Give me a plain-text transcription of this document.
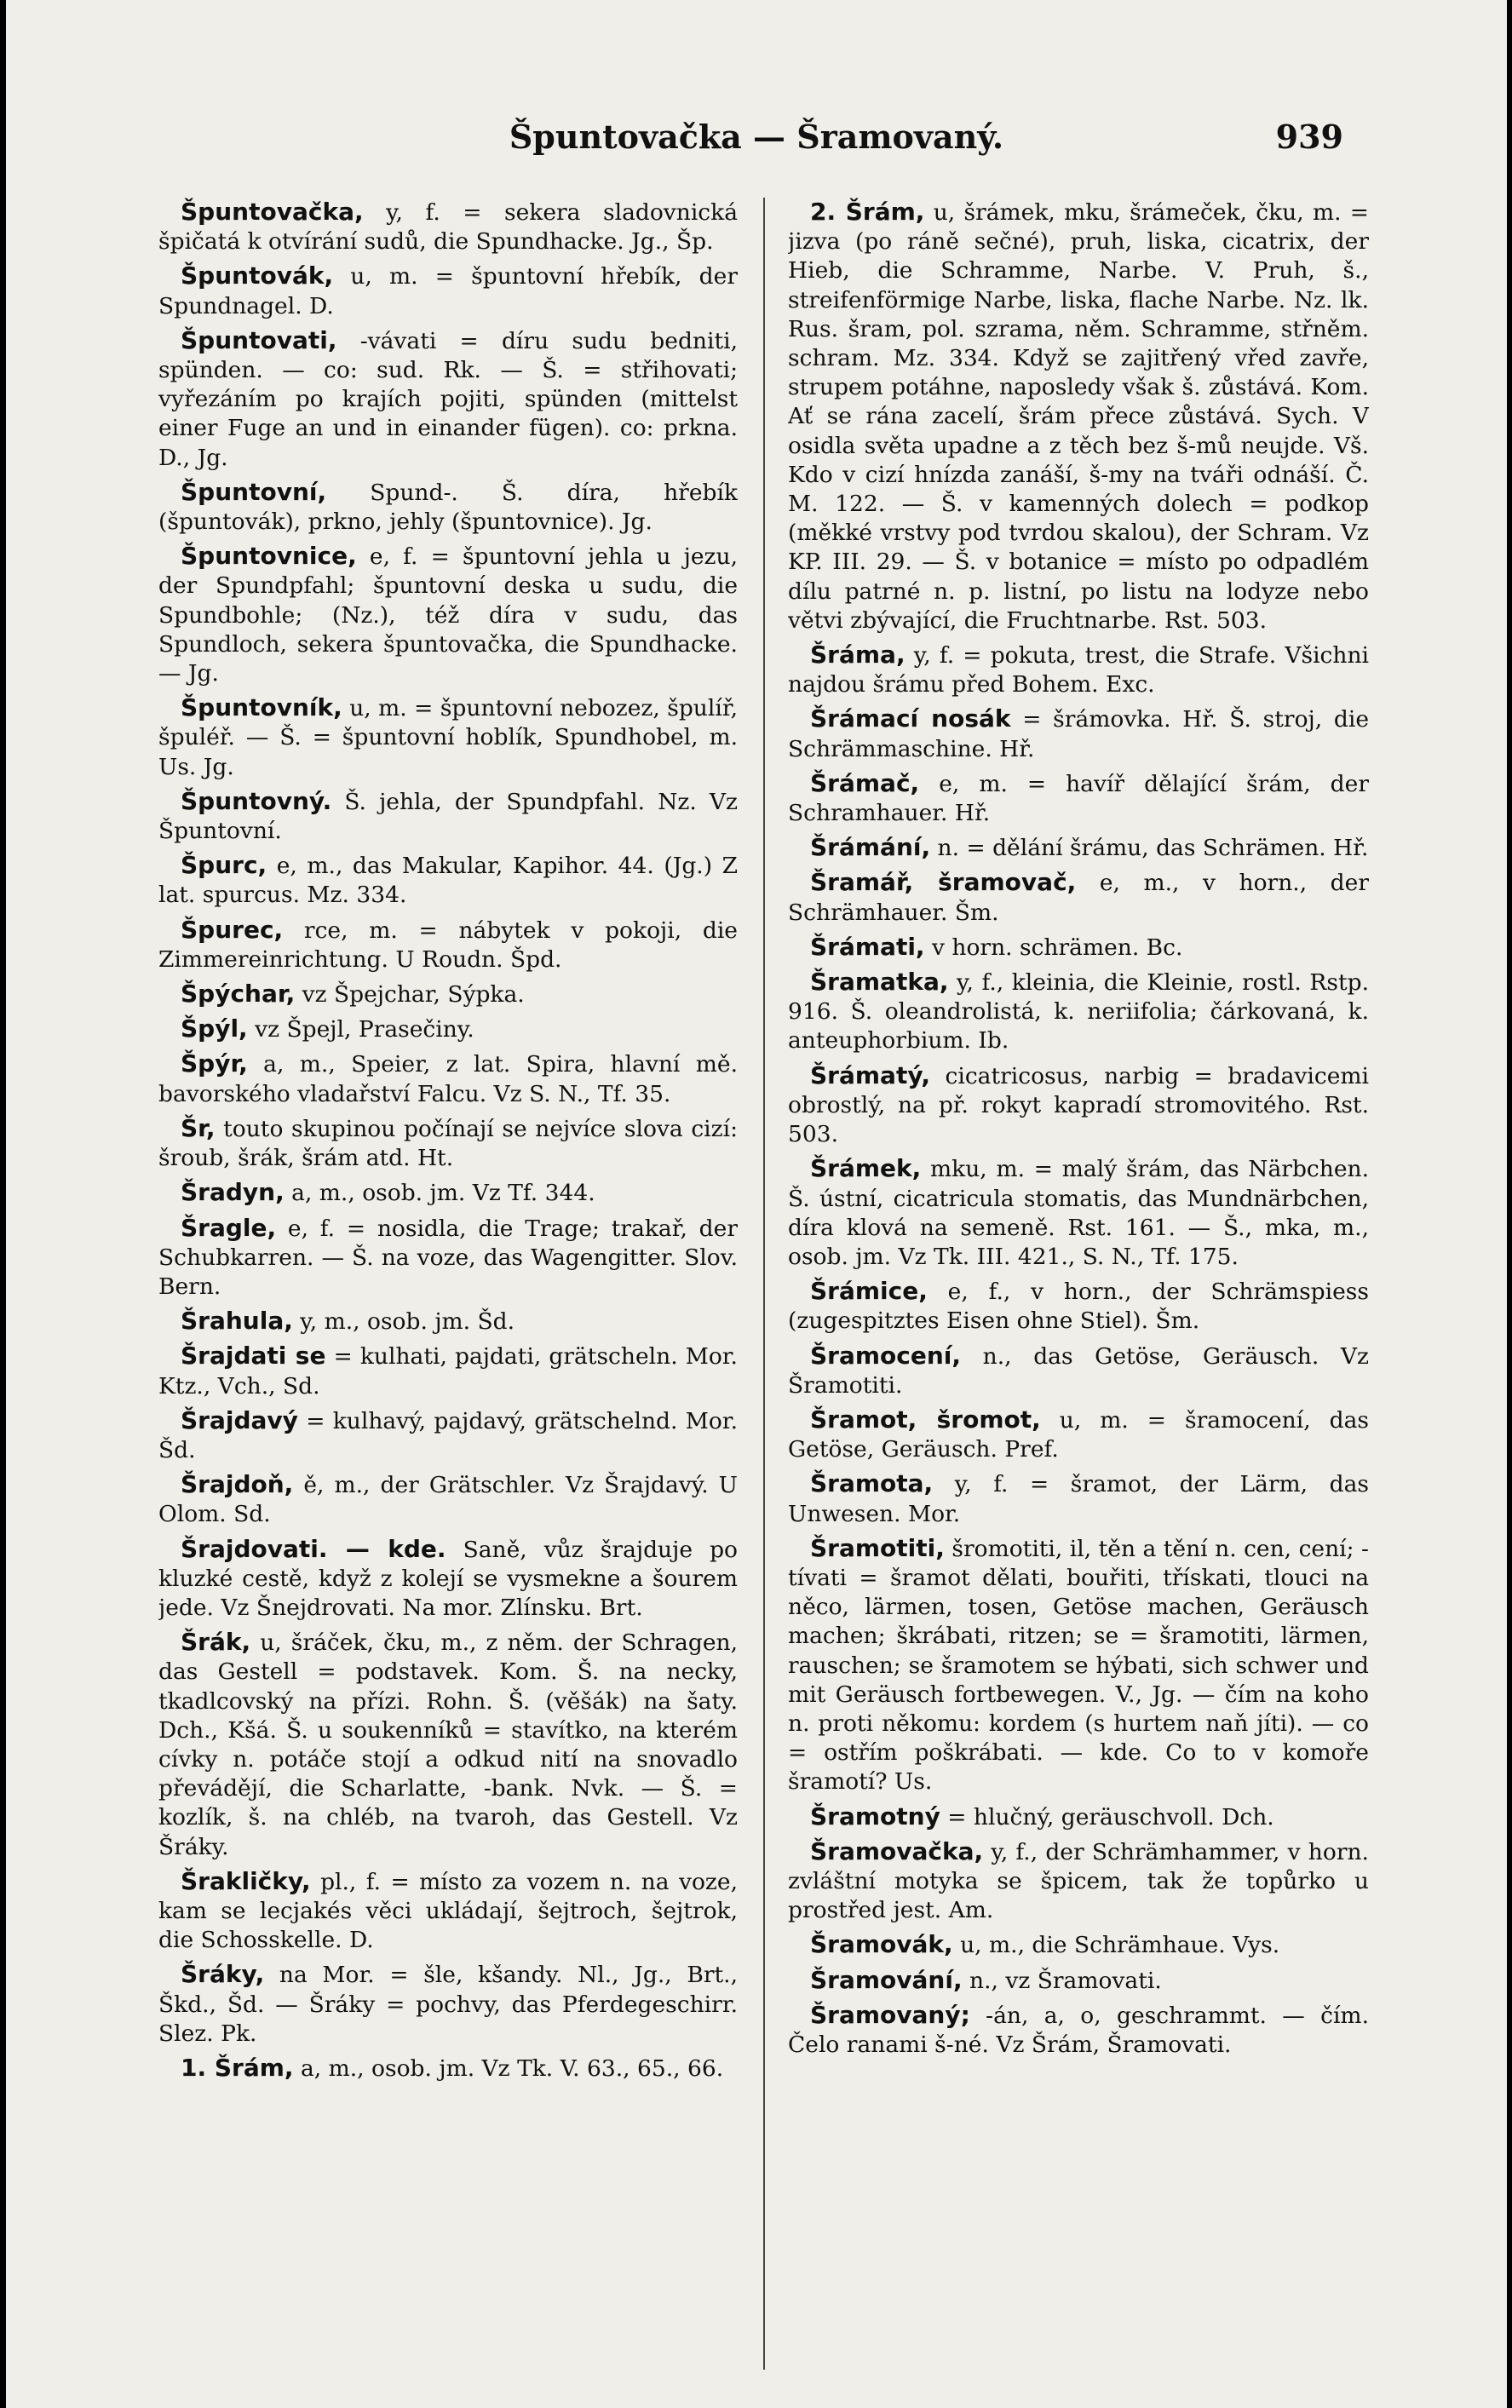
Špuntovačka — Šramovaný.	939

Špuntovačka, y, f. = sekera sladovnická špičatá k otvírání sudů, die Spundhacke. Jg., Šp.

Špuntovák, u, m. = špuntovní hřebík, der Spundnagel. D.

Špuntovati, -vávati = díru sudu bedniti, spünden. — co: sud. Rk. — Š. = střihovati; vyřezáním po krajích pojiti, spünden (mittelst einer Fuge an und in einander fügen). co: prkna. D., Jg.

Špuntovní, Spund-. Š. díra, hřebík (špuntovák), prkno, jehly (špuntovnice). Jg.

Špuntovnice, e, f. = špuntovní jehla u jezu, der Spundpfahl; špuntovní deska u sudu, die Spundbohle; (Nz.), též díra v sudu, das Spundloch, sekera špuntovačka, die Spundhacke. — Jg.

Špuntovník, u, m. = špuntovní nebozez, špulíř, špuléř. — Š. = špuntovní hoblík, Spundhobel, m. Us. Jg.

Špuntovný. Š. jehla, der Spundpfahl. Nz. Vz Špuntovní.

Špurc, e, m., das Makular, Kapihor. 44. (Jg.) Z lat. spurcus. Mz. 334.

Špurec, rce, m. = nábytek v pokoji, die Zimmereinrichtung. U Roudn. Špd.

Špýchar, vz Špejchar, Sýpka.

Špýl, vz Špejl, Prasečiny.

Špýr, a, m., Speier, z lat. Spira, hlavní mě. bavorského vladařství Falcu. Vz S. N., Tf. 35.

Šr, touto skupinou počínají se nejvíce slova cizí: šroub, šrák, šrám atd. Ht.

Šradyn, a, m., osob. jm. Vz Tf. 344.

Šragle, e, f. = nosidla, die Trage; trakař, der Schubkarren. — Š. na voze, das Wagengitter. Slov. Bern.

Šrahula, y, m., osob. jm. Šd.

Šrajdati se = kulhati, pajdati, grätscheln. Mor. Ktz., Vch., Sd.

Šrajdavý = kulhavý, pajdavý, grätschelnd. Mor. Šd.

Šrajdoň, ě, m., der Grätschler. Vz Šrajdavý. U Olom. Sd.

Šrajdovati. — kde. Saně, vůz šrajduje po kluzké cestě, když z kolejí se vysmekne a šourem jede. Vz Šnejdrovati. Na mor. Zlínsku. Brt.

Šrák, u, šráček, čku, m., z něm. der Schragen, das Gestell = podstavek. Kom. Š. na necky, tkadlcovský na přízi. Rohn. Š. (věšák) na šaty. Dch., Kšá. Š. u soukenníků = stavítko, na kterém cívky n. potáče stojí a odkud nití na snovadlo převádějí, die Scharlatte, -bank. Nvk. — Š. = kozlík, š. na chléb, na tvaroh, das Gestell. Vz Šráky.

Šrakličky, pl., f. = místo za vozem n. na voze, kam se lecjakés věci ukládají, šejtroch, šejtrok, die Schosskelle. D.

Šráky, na Mor. = šle, kšandy. Nl., Jg., Brt., Škd., Šd. — Šráky = pochvy, das Pferdegeschirr. Slez. Pk.

1. Šrám, a, m., osob. jm. Vz Tk. V. 63., 65., 66.

2. Šrám, u, šrámek, mku, šrámeček, čku, m. = jizva (po ráně sečné), pruh, liska, cicatrix, der Hieb, die Schramme, Narbe. V. Pruh, š., streifenförmige Narbe, liska, flache Narbe. Nz. lk. Rus. šram, pol. szrama, něm. Schramme, střněm. schram. Mz. 334. Když se zajitřený vřed zavře, strupem potáhne, naposledy však š. zůstává. Kom. Ať se rána zacelí, šrám přece zůstává. Sych. V osidla světa upadne a z těch bez š-mů neujde. Vš. Kdo v cizí hnízda zanáší, š-my na tváři odnáší. Č. M. 122. — Š. v kamenných dolech = podkop (měkké vrstvy pod tvrdou skalou), der Schram. Vz KP. III. 29. — Š. v botanice = místo po odpadlém dílu patrné n. p. listní, po listu na lodyze nebo větvi zbývající, die Fruchtnarbe. Rst. 503.

Šráma, y, f. = pokuta, trest, die Strafe. Všichni najdou šrámu před Bohem. Exc.

Šrámací nosák = šrámovka. Hř. Š. stroj, die Schrämmaschine. Hř.

Šrámač, e, m. = havíř dělající šrám, der Schramhauer. Hř.

Šrámání, n. = dělání šrámu, das Schrämen. Hř.

Šramář, šramovač, e, m., v horn., der Schrämhauer. Šm.

Šrámati, v horn. schrämen. Bc.

Šramatka, y, f., kleinia, die Kleinie, rostl. Rstp. 916. Š. oleandrolistá, k. neriifolia; čárkovaná, k. anteuphorbium. Ib.

Šrámatý, cicatricosus, narbig = bradavicemi obrostlý, na př. rokyt kapradí stromovitého. Rst. 503.

Šrámek, mku, m. = malý šrám, das Närbchen. Š. ústní, cicatricula stomatis, das Mundnärbchen, díra klová na semeně. Rst. 161. — Š., mka, m., osob. jm. Vz Tk. III. 421., S. N., Tf. 175.

Šrámice, e, f., v horn., der Schrämspiess (zugespitztes Eisen ohne Stiel). Šm.

Šramocení, n., das Getöse, Geräusch. Vz Šramotiti.

Šramot, šromot, u, m. = šramocení, das Getöse, Geräusch. Pref.

Šramota, y, f. = šramot, der Lärm, das Unwesen. Mor.

Šramotiti, šromotiti, il, těn a tění n. cen, cení; -tívati = šramot dělati, bouřiti, třískati, tlouci na něco, lärmen, tosen, Getöse machen, Geräusch machen; škrábati, ritzen; se = šramotiti, lärmen, rauschen; se šramotem se hýbati, sich schwer und mit Geräusch fortbewegen. V., Jg. — čím na koho n. proti někomu: kordem (s hurtem naň jíti). — co = ostřím poškrábati. — kde. Co to v komoře šramotí? Us.

Šramotný = hlučný, geräuschvoll. Dch.

Šramovačka, y, f., der Schrämhammer, v horn. zvláštní motyka se špicem, tak že topůrko u prostřed jest. Am.

Šramovák, u, m., die Schrämhaue. Vys.

Šramování, n., vz Šramovati.

Šramovaný; -án, a, o, geschrammt. — čím. Čelo ranami š-né. Vz Šrám, Šramovati.
